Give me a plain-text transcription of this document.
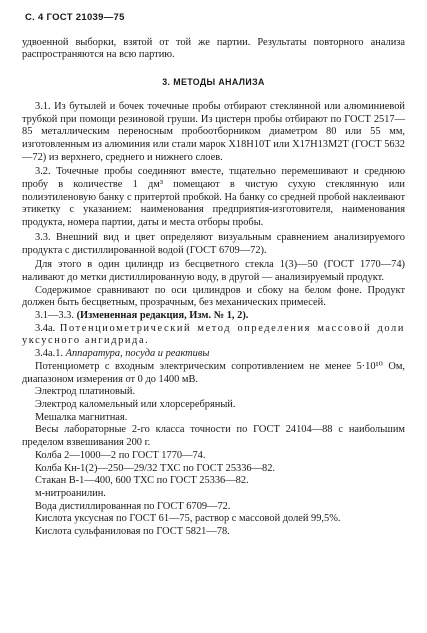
С. 4 ГОСТ 21039—75

удвоенной выборки, взятой от той же партии. Результаты повторного анализа распространяются на всю партию.

3. МЕТОДЫ АНАЛИЗА

3.1. Из бутылей и бочек точечные пробы отбирают стеклянной или алюминиевой трубкой при помощи резиновой груши. Из цистерн пробы отбирают по ГОСТ 2517—85 металлическим переносным пробоотборником диаметром 80 или 55 мм, изготовленным из алюминия или стали марок Х18Н10Т или Х17Н13М2Т (ГОСТ 5632—72) из верхнего, среднего и нижнего слоев.

3.2. Точечные пробы соединяют вместе, тщательно перемешивают и среднюю пробу в количестве 1 дм³ помещают в чистую сухую стеклянную или полиэтиленовую банку с притертой пробкой. На банку со средней пробой наклеивают этикетку с указанием: наименования предприятия-изготовителя, наименования продукта, номера партии, даты и места отборы пробы.

3.3. Внешний вид и цвет определяют визуальным сравнением анализируемого продукта с дистиллированной водой (ГОСТ 6709—72).

Для этого в один цилиндр из бесцветного стекла 1(3)—50 (ГОСТ 1770—74) наливают до метки дистиллированную воду, в другой — анализируемый продукт.

Содержимое сравнивают по оси цилиндров и сбоку на белом фоне. Продукт должен быть бесцветным, прозрачным, без механических примесей.

3.1—3.3. (Измененная редакция, Изм. № 1, 2).

3.4а. Потенциометрический метод определения массовой доли уксусного ангидрида.

3.4а.1. Аппаратура, посуда и реактивы

Потенциометр с входным электрическим сопротивлением не менее 5·10¹⁰ Ом, диапазоном измерения от 0 до 1400 мВ.

Электрод платиновый.

Электрод каломельный или хлорсеребряный.

Мешалка магнитная.

Весы лабораторные 2-го класса точности по ГОСТ 24104—88 с наибольшим пределом взвешивания 200 г.

Колба 2—1000—2 по ГОСТ 1770—74.

Колба Кн-1(2)—250—29/32 ТХС по ГОСТ 25336—82.

Стакан В-1—400, 600 ТХС по ГОСТ 25336—82.

м-нитроанилин.

Вода дистиллированная по ГОСТ 6709—72.

Кислота уксусная по ГОСТ 61—75, раствор с массовой долей 99,5%.

Кислота сульфаниловая по ГОСТ 5821—78.
